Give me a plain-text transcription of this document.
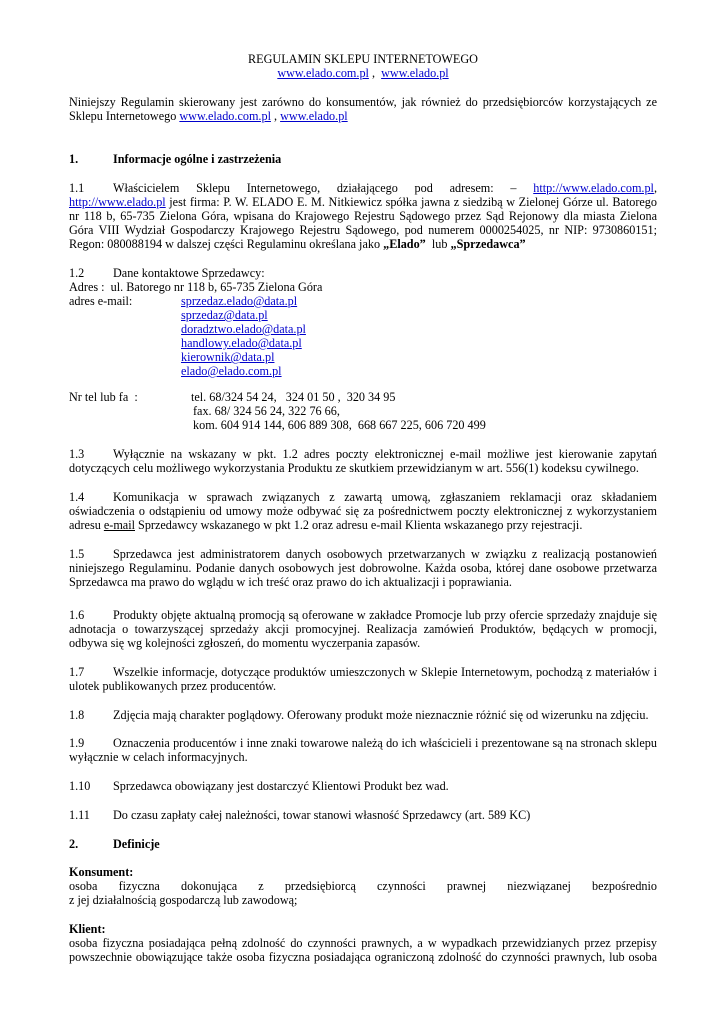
REGULAMIN SKLEPU INTERNETOWEGO
www.elado.com.pl ,  www.elado.pl

Niniejszy Regulamin skierowany jest zarówno do konsumentów, jak również do przedsiębiorców korzystających ze Sklepu Internetowego www.elado.com.pl , www.elado.pl

1.	Informacje ogólne i zastrzeżenia

1.1 Właścicielem Sklepu Internetowego, działającego pod adresem: – http://www.elado.com.pl, http://www.elado.pl jest firma: P. W. ELADO E. M. Nitkiewicz spółka jawna z siedzibą w Zielonej Górze ul. Batorego nr 118 b, 65-735 Zielona Góra, wpisana do Krajowego Rejestru Sądowego przez Sąd Rejonowy dla miasta Zielona Góra VIII Wydział Gospodarczy Krajowego Rejestru Sądowego, pod numerem 0000254025, nr NIP: 9730860151; Regon: 080088194 w dalszej części Regulaminu określana jako „Elado”  lub „Sprzedawca”

1.2	Dane kontaktowe Sprzedawcy:
Adres :  ul. Batorego nr 118 b, 65-735 Zielona Góra
adres e-mail:	sprzedaz.elado@data.pl
sprzedaz@data.pl
doradztwo.elado@data.pl
handlowy.elado@data.pl
kierownik@data.pl
elado@elado.com.pl
Nr tel lub fa  :	tel. 68/324 54 24,   324 01 50 ,  320 34 95
fax. 68/ 324 56 24, 322 76 66,
kom. 604 914 144, 606 889 308,  668 667 225, 606 720 499

1.3 Wyłącznie na wskazany w pkt. 1.2 adres poczty elektronicznej e-mail możliwe jest kierowanie zapytań dotyczących celu możliwego wykorzystania Produktu ze skutkiem przewidzianym w art. 556(1) kodeksu cywilnego.

1.4 Komunikacja w sprawach związanych z zawartą umową, zgłaszaniem reklamacji oraz składaniem oświadczenia o odstąpieniu od umowy może odbywać się za pośrednictwem poczty elektronicznej z wykorzystaniem adresu e-mail Sprzedawcy wskazanego w pkt 1.2 oraz adresu e-mail Klienta wskazanego przy rejestracji.

1.5 Sprzedawca jest administratorem danych osobowych przetwarzanych w związku z realizacją postanowień niniejszego Regulaminu. Podanie danych osobowych jest dobrowolne. Każda osoba, której dane osobowe przetwarza Sprzedawca ma prawo do wglądu w ich treść oraz prawo do ich aktualizacji i poprawiania.

1.6 Produkty objęte aktualną promocją są oferowane w zakładce Promocje lub przy ofercie sprzedaży znajduje się adnotacja o towarzyszącej sprzedaży akcji promocyjnej. Realizacja zamówień Produktów, będących w promocji, odbywa się wg kolejności zgłoszeń, do momentu wyczerpania zapasów.

1.7 Wszelkie informacje, dotyczące produktów umieszczonych w Sklepie Internetowym, pochodzą z materiałów i ulotek publikowanych przez producentów.

1.8 Zdjęcia mają charakter poglądowy. Oferowany produkt może nieznacznie różnić się od wizerunku na zdjęciu.

1.9 Oznaczenia producentów i inne znaki towarowe należą do ich właścicieli i prezentowane są na stronach sklepu wyłącznie w celach informacyjnych.

1.10	Sprzedawca obowiązany jest dostarczyć Klientowi Produkt bez wad.
1.11	Do czasu zapłaty całej należności, towar stanowi własność Sprzedawcy (art. 589 KC)
2.	Definicje
Konsument:
osoba fizyczna dokonująca z przedsiębiorcą czynności prawnej niezwiązanej bezpośrednio
z jej działalnością gospodarczą lub zawodową;
Klient:
osoba fizyczna posiadająca pełną zdolność do czynności prawnych, a w wypadkach przewidzianych przez przepisy powszechnie obowiązujące także osoba fizyczna posiadająca ograniczoną zdolność do czynności prawnych, lub osoba
